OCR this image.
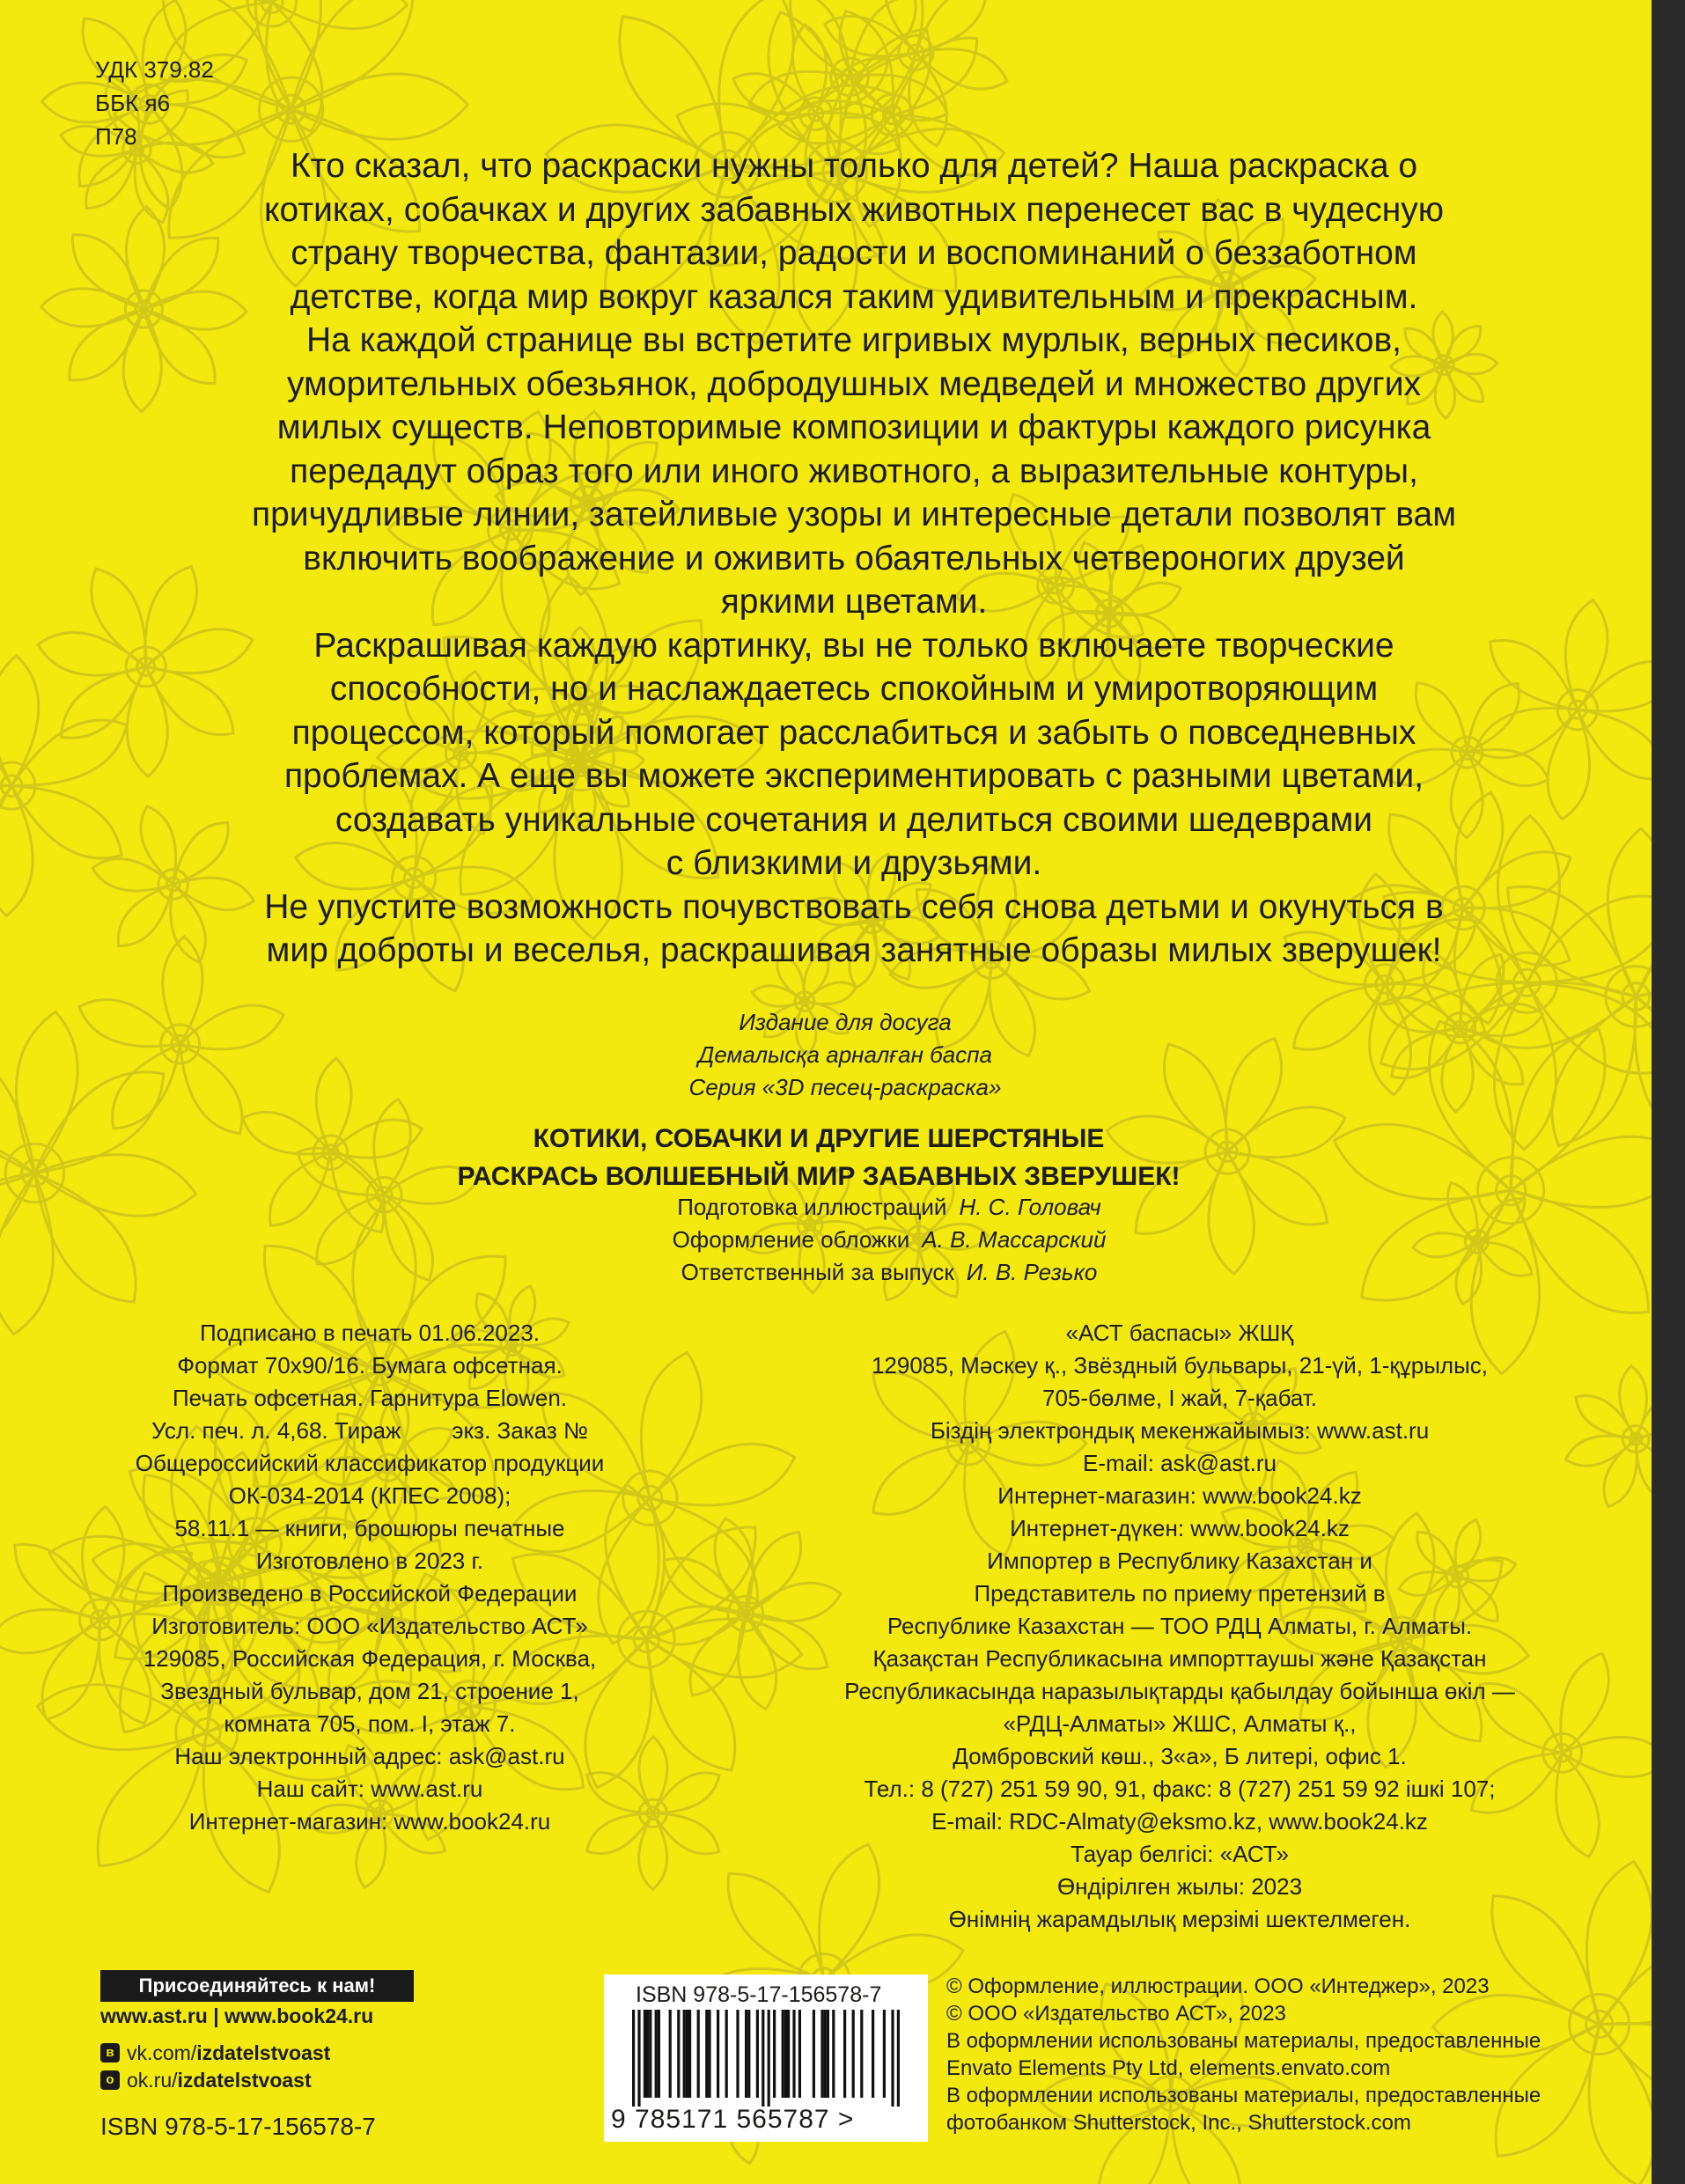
УДК 379.82
ББК я6
П78

Кто сказал, что раскраски нужны только для детей? Наша раскраска о
котиках, собачках и других забавных животных перенесет вас в чудесную
страну творчества, фантазии, радости и воспоминаний о беззаботном
детстве, когда мир вокруг казался таким удивительным и прекрасным.

На каждой странице вы встретите игривых мурлык, верных песиков,
уморительных обезьянок, добродушных медведей и множество других
милых существ. Неповторимые композиции и фактуры каждого рисунка
передадут образ того или иного животного, а выразительные контуры,
причудливые линии, затейливые узоры и интересные детали позволят вам
включить воображение и оживить обаятельных четвероногих друзей
яркими цветами.

Раскрашивая каждую картинку, вы не только включаете творческие
способности, но и наслаждаетесь спокойным и умиротворяющим
процессом, который помогает расслабиться и забыть о повседневных
проблемах. А еще вы можете экспериментировать с разными цветами,
создавать уникальные сочетания и делиться своими шедеврами
с близкими и друзьями.

Не упустите возможность почувствовать себя снова детьми и окунуться в
мир доброты и веселья, раскрашивая занятные образы милых зверушек!

Издание для досуга
Демалысқа арналған баспа
Серия «3D песец-раскраска»
КОТИКИ, СОБАЧКИ И ДРУГИЕ ШЕРСТЯНЫЕ
РАСКРАСЬ ВОЛШЕБНЫЙ МИР ЗАБАВНЫХ ЗВЕРУШЕК!
Подготовка иллюстраций Н. С. Головач
Оформление обложки А. В. Массарский
Ответственный за выпуск И. В. Резько
Подписано в печать 01.06.2023.
Формат 70х90/16. Бумага офсетная.
Печать офсетная. Гарнитура Elowen.
Усл. печ. л. 4,68. Тираж        экз. Заказ №
Общероссийский классификатор продукции
ОК-034-2014 (КПЕС 2008);
58.11.1 — книги, брошюры печатные
Изготовлено в 2023 г.
Произведено в Российской Федерации
Изготовитель: ООО «Издательство АСТ»
129085, Российская Федерация, г. Москва,
Звездный бульвар, дом 21, строение 1,
комната 705, пом. I, этаж 7.
Наш электронный адрес: ask@ast.ru
Наш сайт: www.ast.ru
Интернет-магазин: www.book24.ru
«АСТ баспасы» ЖШҚ
129085, Мәскеу қ., Звёздный бульвары, 21-үй, 1-құрылыс,
705-бөлме, I жай, 7-қабат.
Біздің электрондық мекенжайымыз: www.ast.ru
E-mail: ask@ast.ru
Интернет-магазин: www.book24.kz
Интернет-дүкен: www.book24.kz
Импортер в Республику Казахстан и
Представитель по приему претензий в
Республике Казахстан — ТОО РДЦ Алматы, г. Алматы.
Қазақстан Республикасына импорттаушы және Қазақстан
Республикасында наразылықтарды қабылдау бойынша өкіл —
«РДЦ-Алматы» ЖШС, Алматы қ.,
Домбровский көш., 3«а», Б литері, офис 1.
Тел.: 8 (727) 251 59 90, 91, факс: 8 (727) 251 59 92 ішкі 107;
E-mail: RDC-Almaty@eksmo.kz, www.book24.kz
Тауар белгісі: «АСТ»
Өндірілген жылы: 2023
Өнімнің жарамдылық мерзімі шектелмеген.
Присоединяйтесь к нам!
www.ast.ru | www.book24.ru
в vk.com/izdatelstvoast
о ok.ru/izdatelstvoast
ISBN 978-5-17-156578-7
ISBN 978-5-17-156578-7
9 785171 565787 >
© Оформление, иллюстрации. ООО «Интеджер», 2023
© ООО «Издательство АСТ», 2023
В оформлении использованы материалы, предоставленные
Envato Elements Pty Ltd, elements.envato.com
В оформлении использованы материалы, предоставленные
фотобанком Shutterstock, Inc., Shutterstock.com
